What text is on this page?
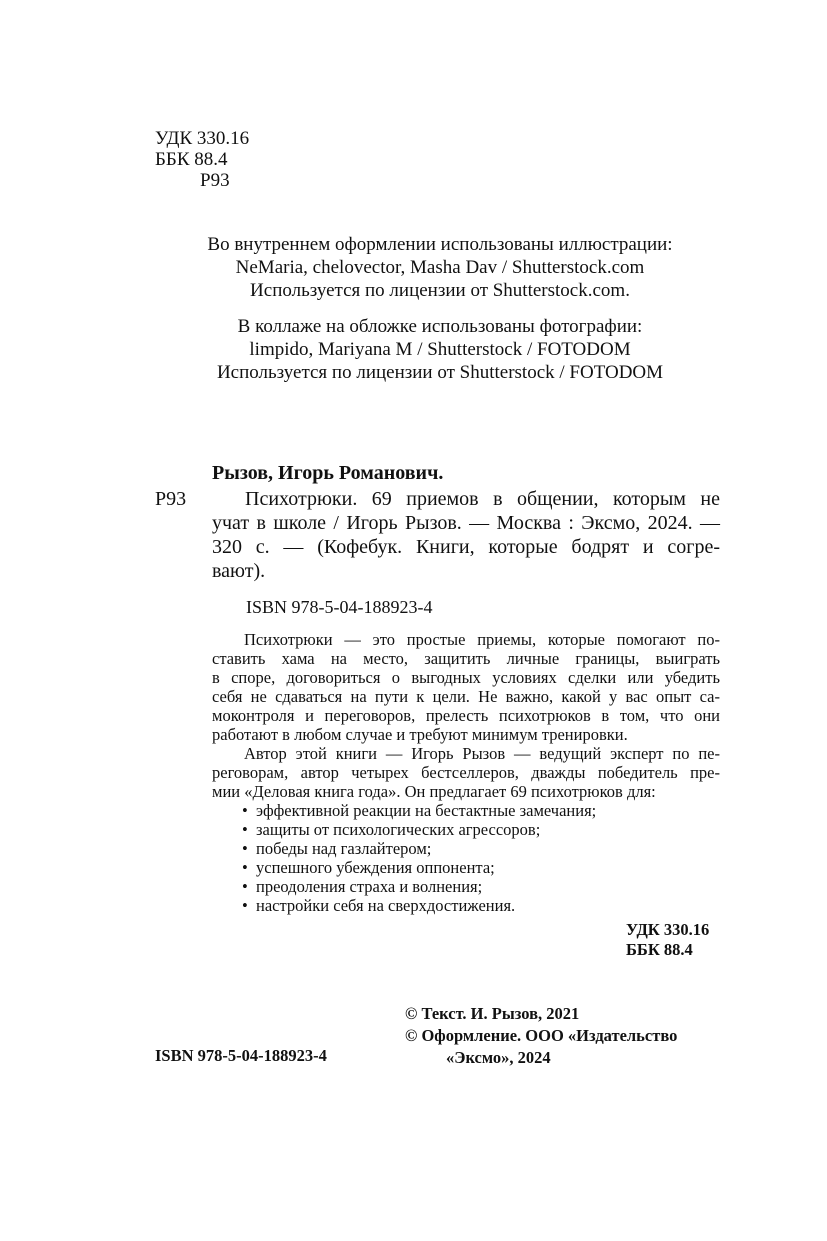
УДК 330.16
ББК 88.4
Р93
Во внутреннем оформлении использованы иллюстрации:
NeMaria, chelovector, Masha Dav / Shutterstock.com
Используется по лицензии от Shutterstock.com.
В коллаже на обложке использованы фотографии:
limpido, Mariyana M / Shutterstock / FOTODOM
Используется по лицензии от Shutterstock / FOTODOM
Рызов, Игорь Романович.
Р93	Психотрюки. 69 приемов в общении, которым не
учат в школе / Игорь Рызов. — Москва : Эксмо, 2024. —
320 с. — (Кофебук. Книги, которые бодрят и согре-
вают).
ISBN 978-5-04-188923-4
Психотрюки — это простые приемы, которые помогают по-
ставить хама на место, защитить личные границы, выиграть
в споре, договориться о выгодных условиях сделки или убедить
себя не сдаваться на пути к цели. Не важно, какой у вас опыт са-
моконтроля и переговоров, прелесть психотрюков в том, что они
работают в любом случае и требуют минимум тренировки.
Автор этой книги — Игорь Рызов — ведущий эксперт по пе-
реговорам, автор четырех бестселлеров, дважды победитель пре-
мии «Деловая книга года». Он предлагает 69 психотрюков для:
• эффективной реакции на бестактные замечания;
• защиты от психологических агрессоров;
• победы над газлайтером;
• успешного убеждения оппонента;
• преодоления страха и волнения;
• настройки себя на сверхдостижения.
УДК 330.16
ББК 88.4
© Текст. И. Рызов, 2021
© Оформление. ООО «Издательство
«Эксмо», 2024
ISBN 978-5-04-188923-4
